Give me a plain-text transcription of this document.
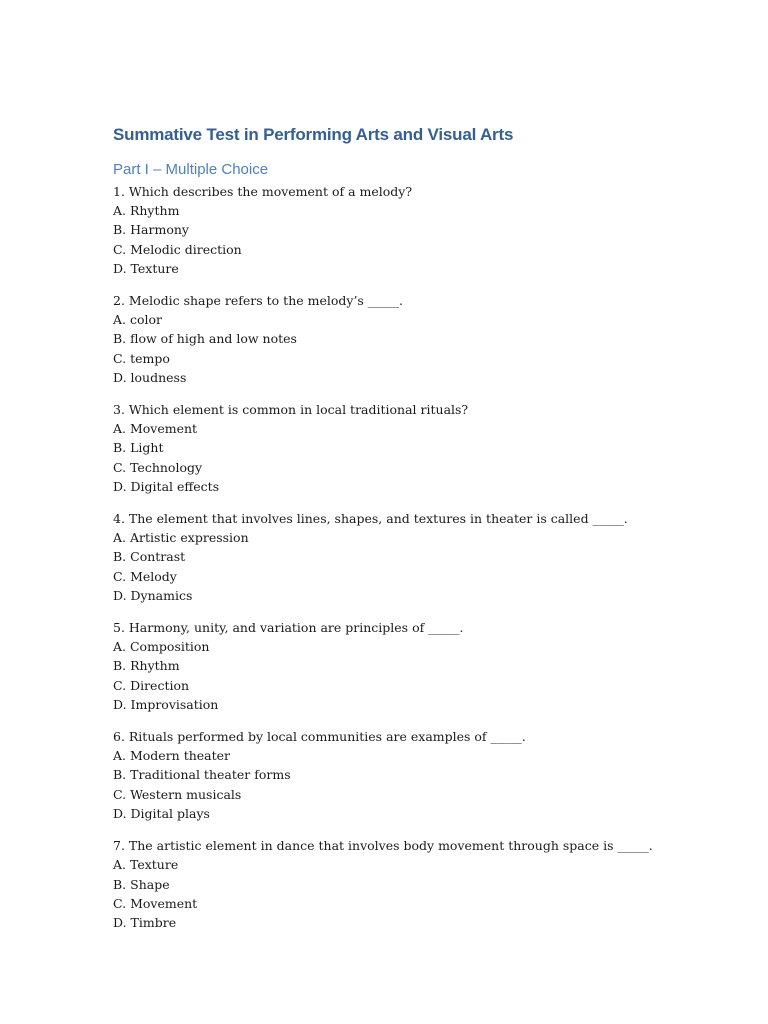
Summative Test in Performing Arts and Visual Arts
Part I – Multiple Choice

1. Which describes the movement of a melody?

A. Rhythm

B. Harmony

C. Melodic direction

D. Texture

2. Melodic shape refers to the melody’s _____.

A. color

B. flow of high and low notes

C. tempo

D. loudness

3. Which element is common in local traditional rituals?

A. Movement

B. Light

C. Technology

D. Digital effects

4. The element that involves lines, shapes, and textures in theater is called _____.

A. Artistic expression

B. Contrast

C. Melody

D. Dynamics

5. Harmony, unity, and variation are principles of _____.

A. Composition

B. Rhythm

C. Direction

D. Improvisation

6. Rituals performed by local communities are examples of _____.

A. Modern theater

B. Traditional theater forms

C. Western musicals

D. Digital plays

7. The artistic element in dance that involves body movement through space is _____.

A. Texture

B. Shape

C. Movement

D. Timbre
